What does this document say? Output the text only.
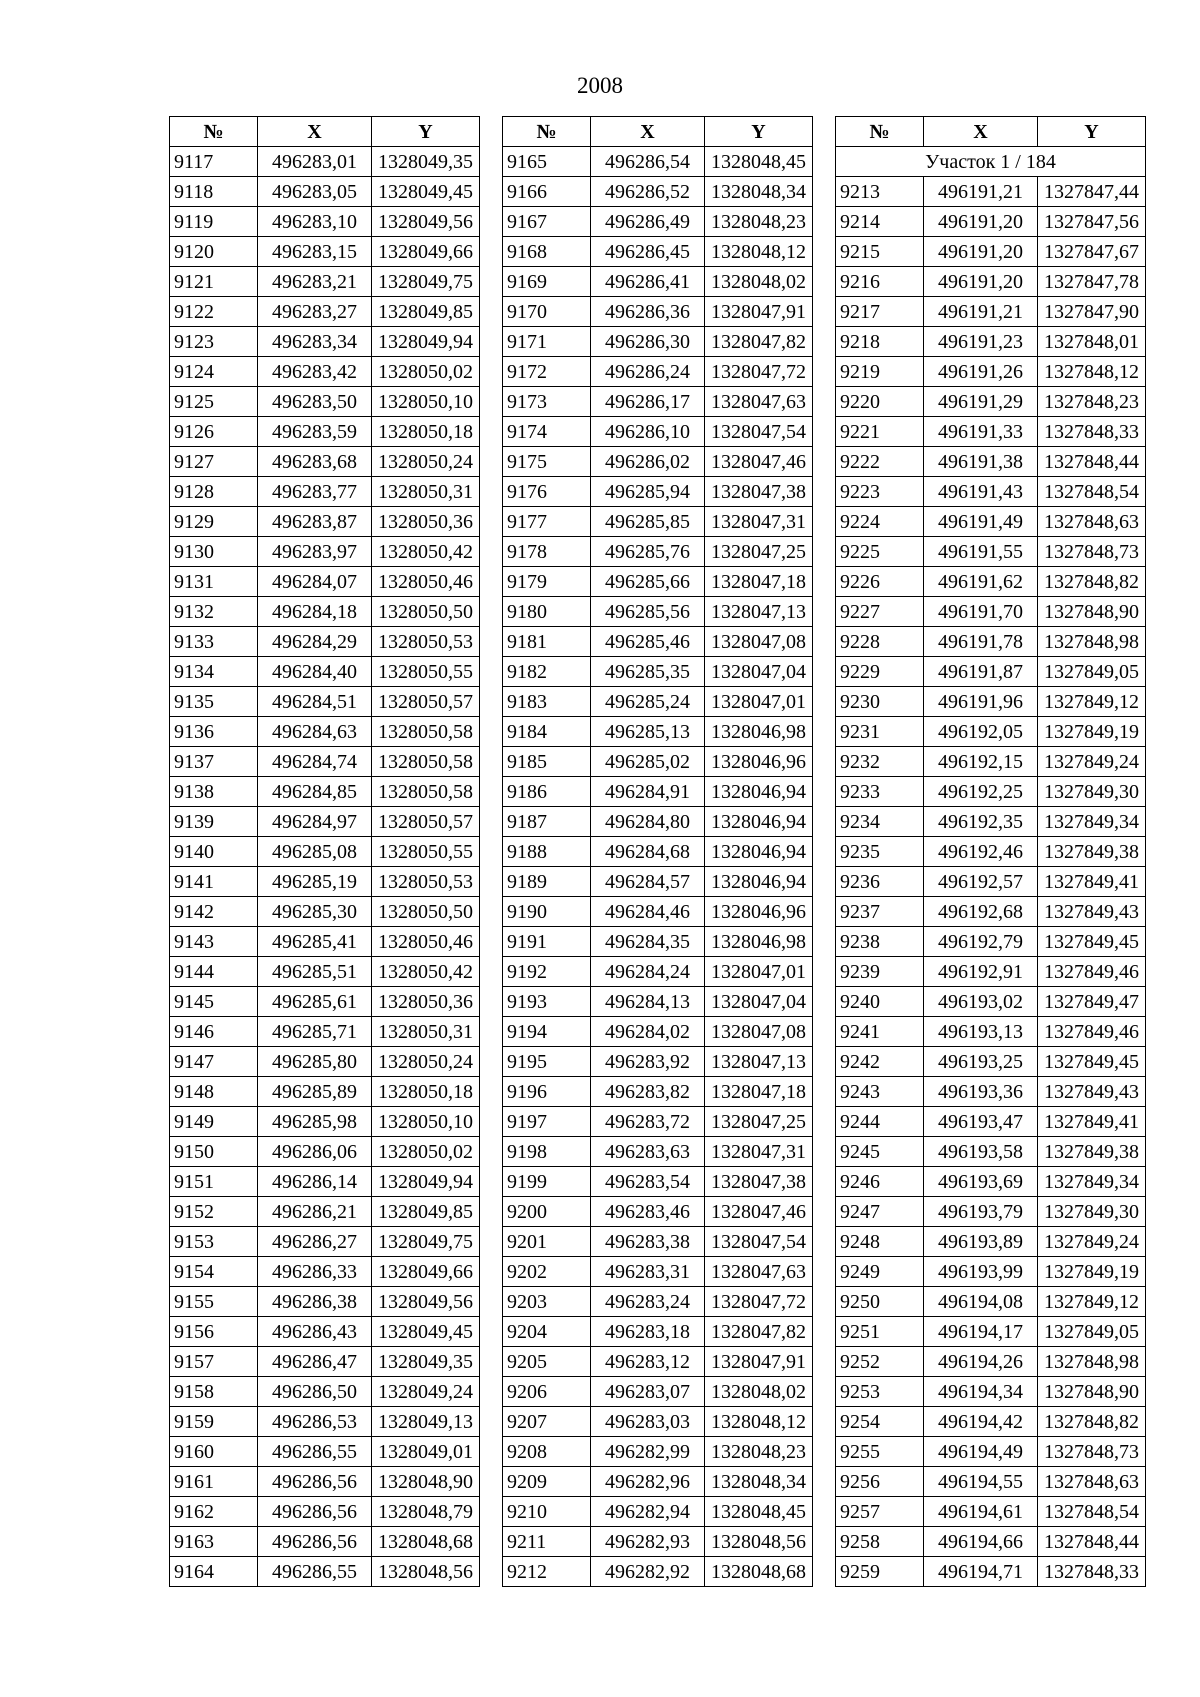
2008
№	X	Y
9117	496283,01	1328049,35
9118	496283,05	1328049,45
9119	496283,10	1328049,56
9120	496283,15	1328049,66
9121	496283,21	1328049,75
9122	496283,27	1328049,85
9123	496283,34	1328049,94
9124	496283,42	1328050,02
9125	496283,50	1328050,10
9126	496283,59	1328050,18
9127	496283,68	1328050,24
9128	496283,77	1328050,31
9129	496283,87	1328050,36
9130	496283,97	1328050,42
9131	496284,07	1328050,46
9132	496284,18	1328050,50
9133	496284,29	1328050,53
9134	496284,40	1328050,55
9135	496284,51	1328050,57
9136	496284,63	1328050,58
9137	496284,74	1328050,58
9138	496284,85	1328050,58
9139	496284,97	1328050,57
9140	496285,08	1328050,55
9141	496285,19	1328050,53
9142	496285,30	1328050,50
9143	496285,41	1328050,46
9144	496285,51	1328050,42
9145	496285,61	1328050,36
9146	496285,71	1328050,31
9147	496285,80	1328050,24
9148	496285,89	1328050,18
9149	496285,98	1328050,10
9150	496286,06	1328050,02
9151	496286,14	1328049,94
9152	496286,21	1328049,85
9153	496286,27	1328049,75
9154	496286,33	1328049,66
9155	496286,38	1328049,56
9156	496286,43	1328049,45
9157	496286,47	1328049,35
9158	496286,50	1328049,24
9159	496286,53	1328049,13
9160	496286,55	1328049,01
9161	496286,56	1328048,90
9162	496286,56	1328048,79
9163	496286,56	1328048,68
9164	496286,55	1328048,56
№	X	Y
9165	496286,54	1328048,45
9166	496286,52	1328048,34
9167	496286,49	1328048,23
9168	496286,45	1328048,12
9169	496286,41	1328048,02
9170	496286,36	1328047,91
9171	496286,30	1328047,82
9172	496286,24	1328047,72
9173	496286,17	1328047,63
9174	496286,10	1328047,54
9175	496286,02	1328047,46
9176	496285,94	1328047,38
9177	496285,85	1328047,31
9178	496285,76	1328047,25
9179	496285,66	1328047,18
9180	496285,56	1328047,13
9181	496285,46	1328047,08
9182	496285,35	1328047,04
9183	496285,24	1328047,01
9184	496285,13	1328046,98
9185	496285,02	1328046,96
9186	496284,91	1328046,94
9187	496284,80	1328046,94
9188	496284,68	1328046,94
9189	496284,57	1328046,94
9190	496284,46	1328046,96
9191	496284,35	1328046,98
9192	496284,24	1328047,01
9193	496284,13	1328047,04
9194	496284,02	1328047,08
9195	496283,92	1328047,13
9196	496283,82	1328047,18
9197	496283,72	1328047,25
9198	496283,63	1328047,31
9199	496283,54	1328047,38
9200	496283,46	1328047,46
9201	496283,38	1328047,54
9202	496283,31	1328047,63
9203	496283,24	1328047,72
9204	496283,18	1328047,82
9205	496283,12	1328047,91
9206	496283,07	1328048,02
9207	496283,03	1328048,12
9208	496282,99	1328048,23
9209	496282,96	1328048,34
9210	496282,94	1328048,45
9211	496282,93	1328048,56
9212	496282,92	1328048,68
№	X	Y
Участок 1 / 184		
9213	496191,21	1327847,44
9214	496191,20	1327847,56
9215	496191,20	1327847,67
9216	496191,20	1327847,78
9217	496191,21	1327847,90
9218	496191,23	1327848,01
9219	496191,26	1327848,12
9220	496191,29	1327848,23
9221	496191,33	1327848,33
9222	496191,38	1327848,44
9223	496191,43	1327848,54
9224	496191,49	1327848,63
9225	496191,55	1327848,73
9226	496191,62	1327848,82
9227	496191,70	1327848,90
9228	496191,78	1327848,98
9229	496191,87	1327849,05
9230	496191,96	1327849,12
9231	496192,05	1327849,19
9232	496192,15	1327849,24
9233	496192,25	1327849,30
9234	496192,35	1327849,34
9235	496192,46	1327849,38
9236	496192,57	1327849,41
9237	496192,68	1327849,43
9238	496192,79	1327849,45
9239	496192,91	1327849,46
9240	496193,02	1327849,47
9241	496193,13	1327849,46
9242	496193,25	1327849,45
9243	496193,36	1327849,43
9244	496193,47	1327849,41
9245	496193,58	1327849,38
9246	496193,69	1327849,34
9247	496193,79	1327849,30
9248	496193,89	1327849,24
9249	496193,99	1327849,19
9250	496194,08	1327849,12
9251	496194,17	1327849,05
9252	496194,26	1327848,98
9253	496194,34	1327848,90
9254	496194,42	1327848,82
9255	496194,49	1327848,73
9256	496194,55	1327848,63
9257	496194,61	1327848,54
9258	496194,66	1327848,44
9259	496194,71	1327848,33
